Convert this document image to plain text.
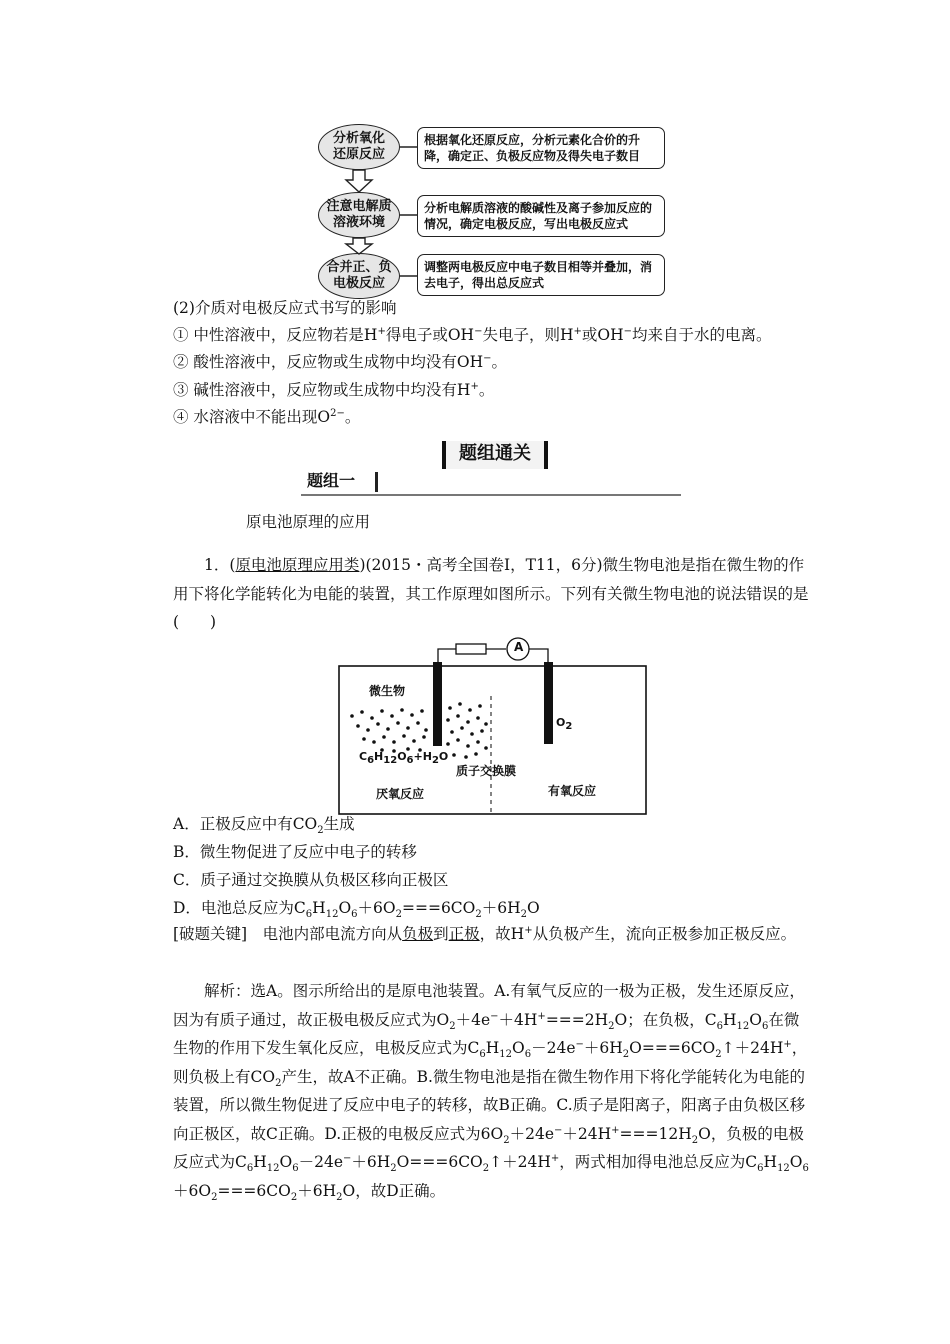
分析氧化
还原反应
根据氧化还原反应，分析元素化合价的升降，确定正、负极反应物及得失电子数目
注意电解质
溶液环境
分析电解质溶液的酸碱性及离子参加反应的情况，确定电极反应，写出电极反应式
合并正、负
电极反应
调整两电极反应中电子数目相等并叠加，消去电子，得出总反应式
(2)介质对电极反应式书写的影响
① 中性溶液中，反应物若是H+得电子或OH−失电子，则H+或OH−均来自于水的电离。
② 酸性溶液中，反应物或生成物中均没有OH−。
③ 碱性溶液中，反应物或生成物中均没有H+。
④ 水溶液中不能出现$O^{2-}$。
题组通关
题组一
原电池原理的应用
1．(原电池原理应用类)(2015・高考全国卷Ⅰ，T11，6分)微生物电池是指在微生物的作用下将化学能转化为电能的装置，其工作原理如图所示。下列有关微生物电池的说法错误的是(　　)
A
微生物
$C_6H_{12}O_6+H_2O$
质子交换膜
$O_2$
厌氧反应	有氧反应
A．正极反应中有$CO_2$生成
B．微生物促进了反应中电子的转移
C．质子通过交换膜从负极区移向正极区
D．电池总反应为$C_6H_{12}O_6+6O_2===6CO_2+6H_2O$
[破题关键]　电池内部电流方向从负极到正极，故H+从负极产生，流向正极参加正极反应。
解析：选A。图示所给出的是原电池装置。A.有氧气反应的一极为正极，发生还原反应，因为有质子通过，故正极电极反应式为$O_2+4e^-+4H^+===2H_2O$；在负极，$C_6H_{12}O_6$在微生物的作用下发生氧化反应，电极反应式为$C_6H_{12}O_6-24e^-+6H_2O===6CO_2↑+24H^+$，则负极上有$CO_2$产生，故A不正确。B.微生物电池是指在微生物作用下将化学能转化为电能的装置，所以微生物促进了反应中电子的转移，故B正确。C.质子是阳离子，阳离子由负极区移向正极区，故C正确。D.正极的电极反应式为$6O_2+24e^-+24H^+===12H_2O$，负极的电极反应式为$C_6H_{12}O_6-24e^-+6H_2O===6CO_2↑+24H^+$，两式相加得电池总反应为$C_6H_{12}O_6+6O_2===6CO_2+6H_2O$，故D正确。
